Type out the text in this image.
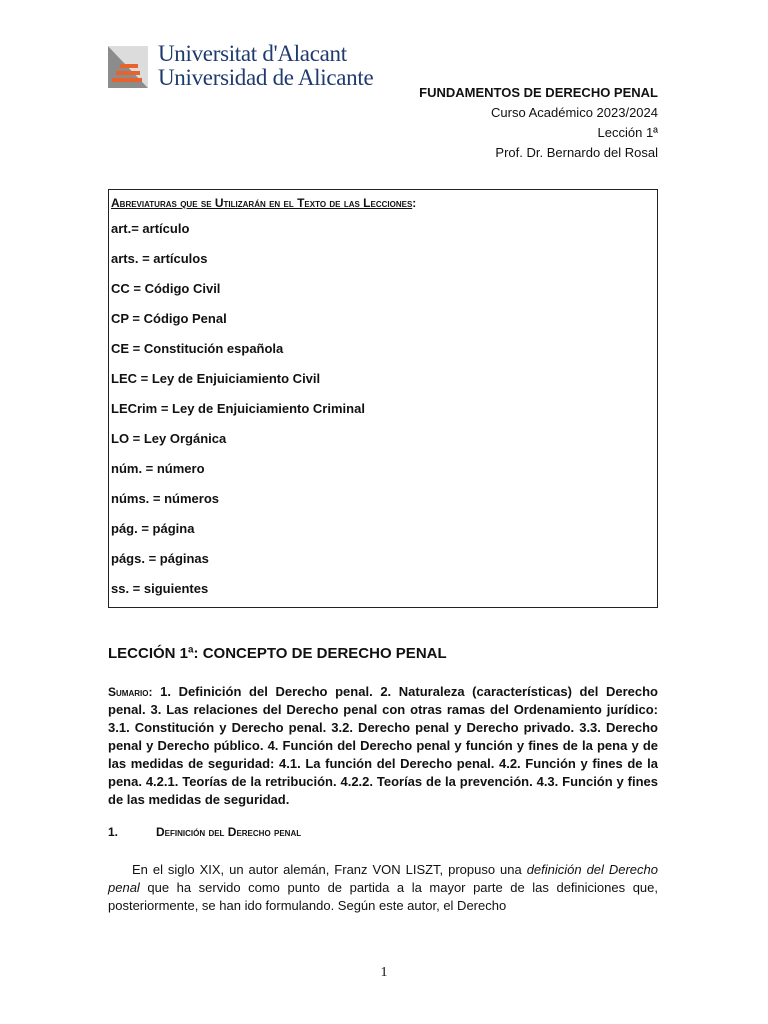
Universitat d'Alacant
Universidad de Alicante
FUNDAMENTOS DE DERECHO PENAL
Curso Académico 2023/2024
Lección 1ª
Prof. Dr. Bernardo del Rosal
Abreviaturas que se Utilizarán en el Texto de las Lecciones:
art.= artículo
arts. = artículos
CC = Código Civil
CP = Código Penal
CE = Constitución española
LEC = Ley de Enjuiciamiento Civil
LECrim = Ley de Enjuiciamiento Criminal
LO = Ley Orgánica
núm. = número
núms. = números
pág. = página
págs. = páginas
ss. = siguientes
LECCIÓN 1ª: CONCEPTO DE DERECHO PENAL
Sumario: 1. Definición del Derecho penal. 2. Naturaleza (características) del Derecho penal. 3. Las relaciones del Derecho penal con otras ramas del Ordenamiento jurídico: 3.1. Constitución y Derecho penal. 3.2. Derecho penal y Derecho privado. 3.3. Derecho penal y Derecho público. 4. Función del Derecho penal y función y fines de la pena y de las medidas de seguridad: 4.1. La función del Derecho penal. 4.2. Función y fines de la pena. 4.2.1. Teorías de la retribución. 4.2.2. Teorías de la prevención. 4.3. Función y fines de las medidas de seguridad.
1.	Definición del Derecho penal
En el siglo XIX, un autor alemán, Franz VON LISZT, propuso una definición del Derecho penal que ha servido como punto de partida a la mayor parte de las definiciones que, posteriormente, se han ido formulando. Según este autor, el Derecho
1
